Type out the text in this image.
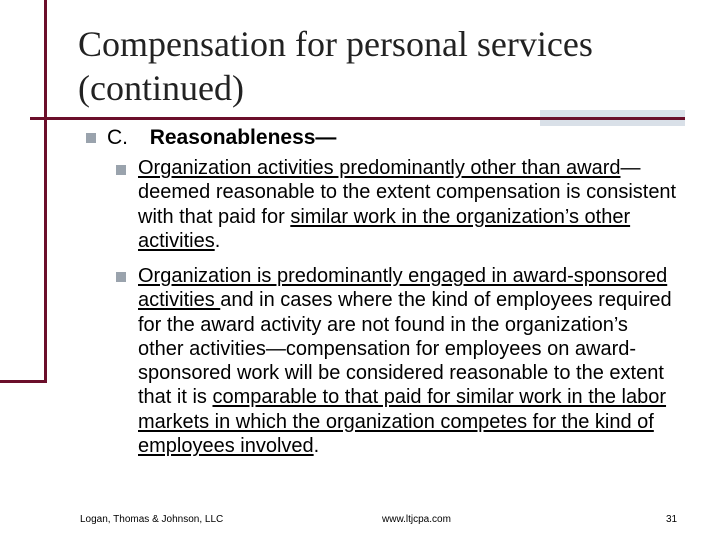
Compensation for personal services
(continued)
C. Reasonableness—
Organization activities predominantly other than award—deemed reasonable to the extent compensation is consistent with that paid for similar work in the organization’s other activities.
Organization is predominantly engaged in award-sponsored activities and in cases where the kind of employees required for the award activity are not found in the organization’s other activities—compensation for employees on award-sponsored work will be considered reasonable to the extent that it is comparable to that paid for similar work in the labor markets in which the organization competes for the kind of employees involved.
Logan, Thomas & Johnson, LLC	www.ltjcpa.com	31
